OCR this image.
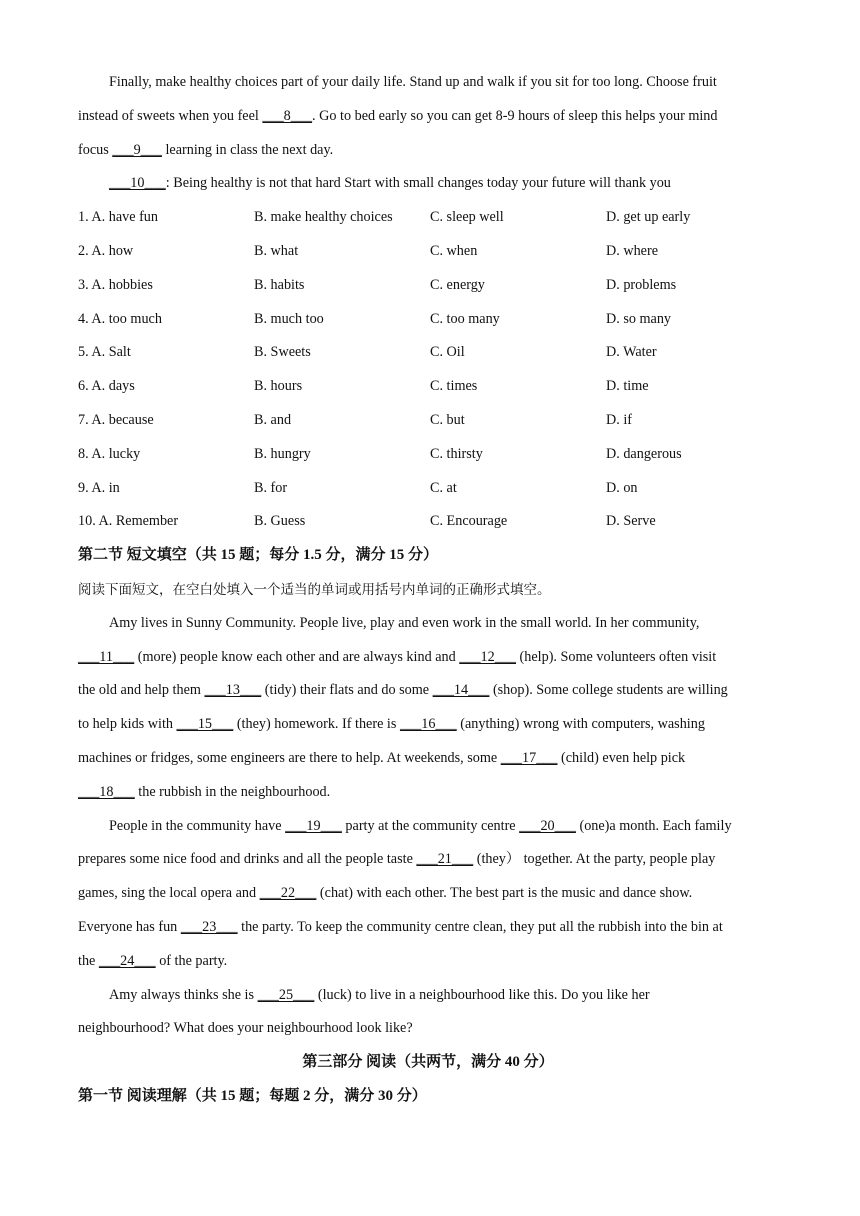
Finally, make healthy choices part of your daily life. Stand up and walk if you sit for too long. Choose fruit
instead of sweets when you feel ___8___. Go to bed early so you can get 8-9 hours of sleep this helps your mind
focus ___9___ learning in class the next day.
___10___: Being healthy is not that hard Start with small changes today your future will thank you
1. A. have fun	B. make healthy choices	C. sleep well	D. get up early
2. A. how	B. what	C. when	D. where
3. A. hobbies	B. habits	C. energy	D. problems
4. A. too much	B. much too	C. too many	D. so many
5. A. Salt	B. Sweets	C. Oil	D. Water
6. A. days	B. hours	C. times	D. time
7. A. because	B. and	C. but	D. if
8. A. lucky	B. hungry	C. thirsty	D. dangerous
9. A. in	B. for	C. at	D. on
10. A. Remember	B. Guess	C. Encourage	D. Serve
第二节 短文填空（共 15 题；每分 1.5 分，满分 15 分）
阅读下面短文，在空白处填入一个适当的单词或用括号内单词的正确形式填空。
Amy lives in Sunny Community. People live, play and even work in the small world. In her community,
___11___ (more) people know each other and are always kind and ___12___ (help). Some volunteers often visit
the old and help them ___13___ (tidy) their flats and do some ___14___ (shop). Some college students are willing
to help kids with ___15___ (they) homework. If there is ___16___ (anything) wrong with computers, washing
machines or fridges, some engineers are there to help. At weekends, some ___17___ (child) even help pick
___18___ the rubbish in the neighbourhood.
People in the community have ___19___ party at the community centre ___20___ (one)a month. Each family
prepares some nice food and drinks and all the people taste ___21___ (they） together. At the party, people play
games, sing the local opera and ___22___ (chat) with each other. The best part is the music and dance show.
Everyone has fun ___23___ the party. To keep the community centre clean, they put all the rubbish into the bin at
the ___24___ of the party.
Amy always thinks she is ___25___ (luck) to live in a neighbourhood like this. Do you like her
neighbourhood? What does your neighbourhood look like?
第三部分 阅读（共两节，满分 40 分）
第一节 阅读理解（共 15 题；每题 2 分，满分 30 分）
